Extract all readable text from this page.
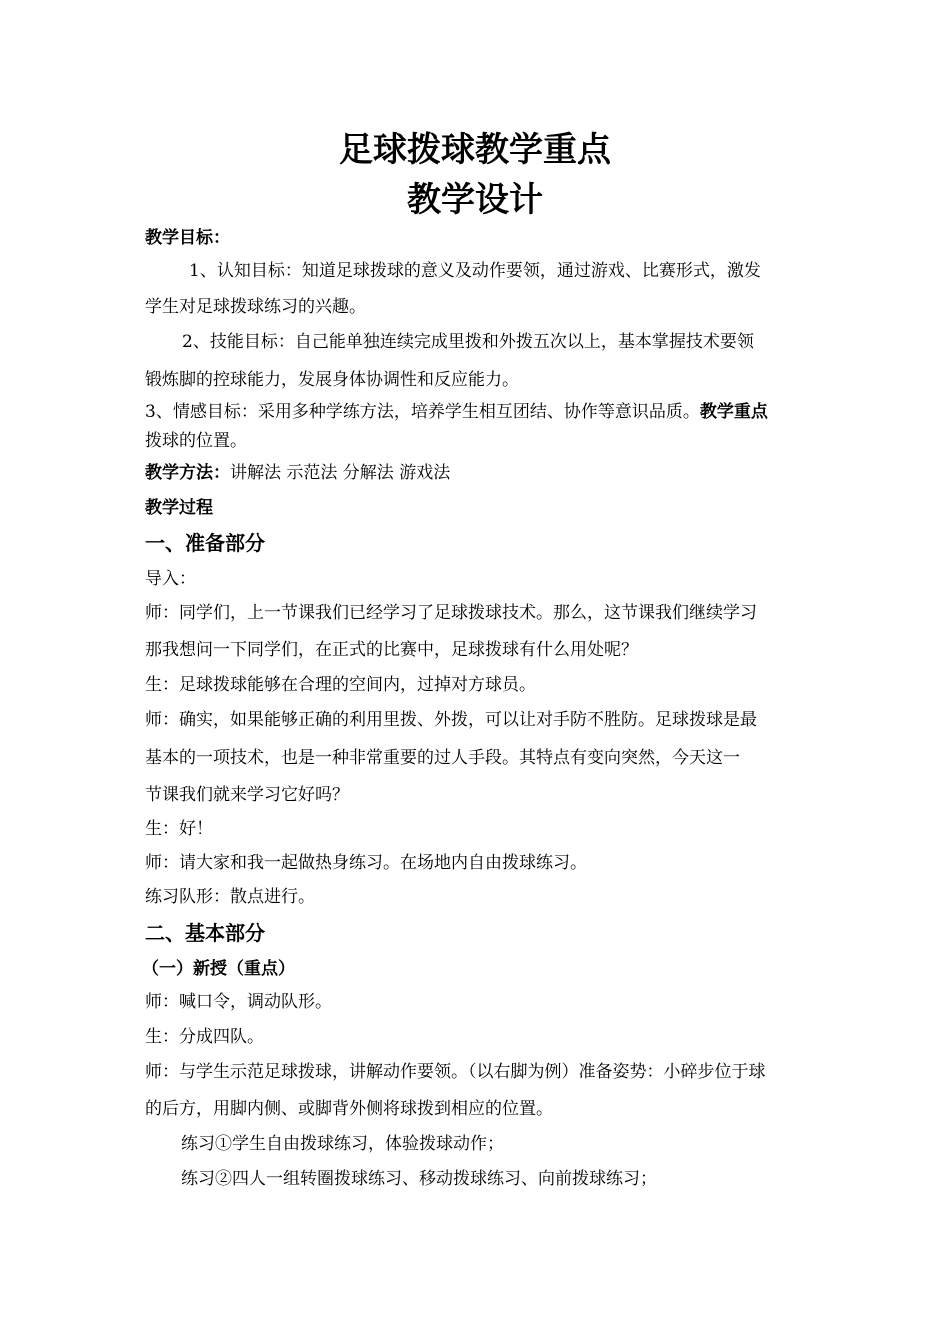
足球拨球教学重点
教学设计

教学目标：

1、认知目标：知道足球拨球的意义及动作要领，通过游戏、比赛形式，激发

学生对足球拨球练习的兴趣。

2、技能目标：自己能单独连续完成里拨和外拨五次以上，基本掌握技术要领

锻炼脚的控球能力，发展身体协调性和反应能力。

3、情感目标：采用多种学练方法，培养学生相互团结、协作等意识品质。教学重点

拨球的位置。

教学方法：讲解法 示范法 分解法 游戏法

教学过程

一、准备部分

导入：

师：同学们，上一节课我们已经学习了足球拨球技术。那么，这节课我们继续学习

那我想问一下同学们，在正式的比赛中，足球拨球有什么用处呢？

生：足球拨球能够在合理的空间内，过掉对方球员。

师：确实，如果能够正确的利用里拨、外拨，可以让对手防不胜防。足球拨球是最

基本的一项技术，也是一种非常重要的过人手段。其特点有变向突然，今天这一

节课我们就来学习它好吗？

生：好！

师：请大家和我一起做热身练习。在场地内自由拨球练习。

练习队形：散点进行。

二、基本部分

（一）新授（重点）

师：喊口令，调动队形。

生：分成四队。

师：与学生示范足球拨球，讲解动作要领。（以右脚为例）准备姿势：小碎步位于球

的后方，用脚内侧、或脚背外侧将球拨到相应的位置。

练习①学生自由拨球练习，体验拨球动作；

练习②四人一组转圈拨球练习、移动拨球练习、向前拨球练习；
